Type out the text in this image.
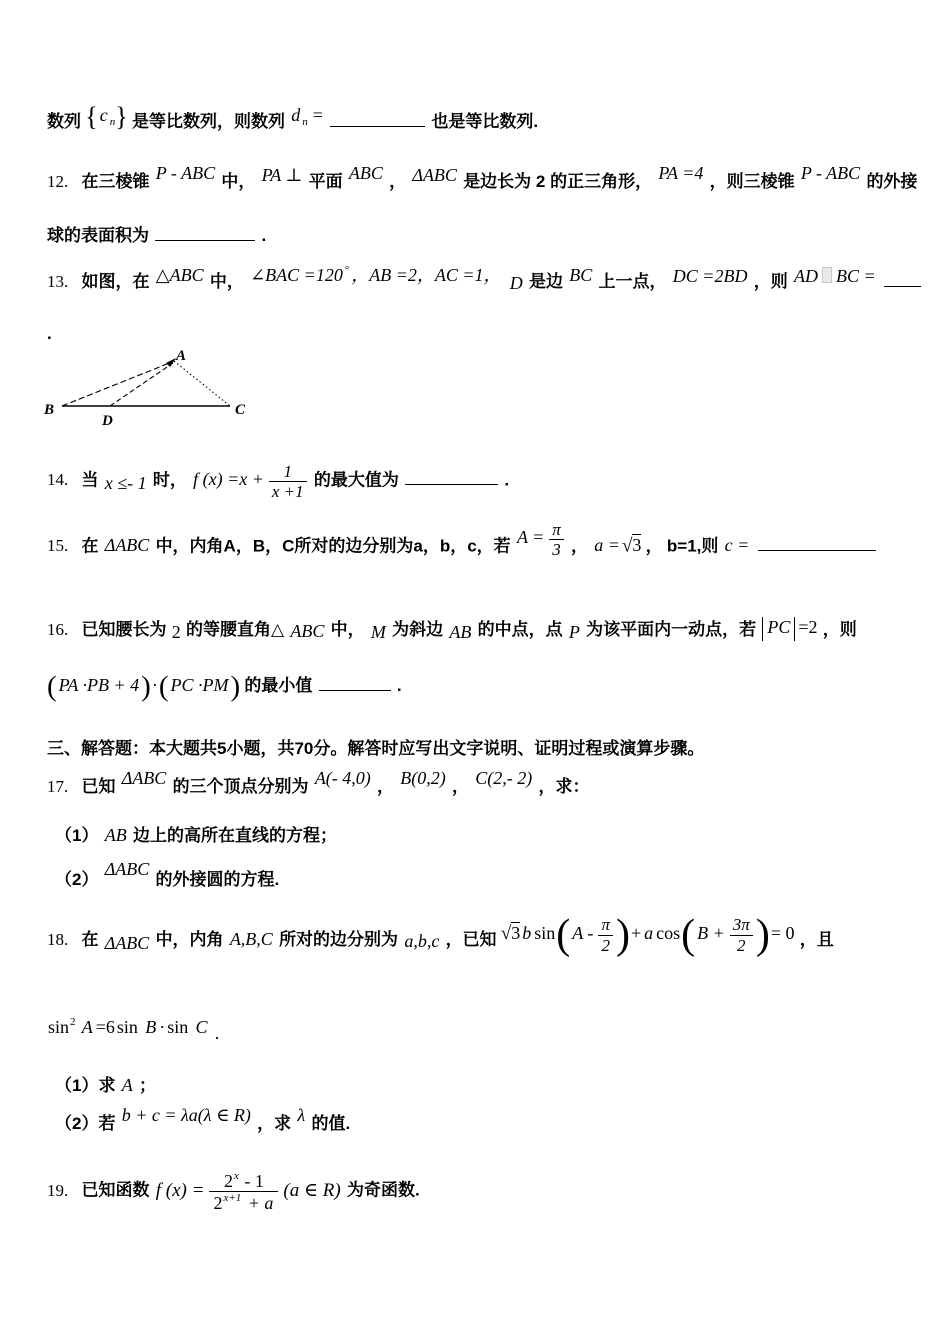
数列 { c $_n$} 是等比数列，则数列 d $_n$ =	也是等比数列.
12. 在三棱锥 P - ABC 中， PA ⊥ 平面 ABC ， ΔABC 是边长为 2 的正三角形， PA =4 ，则三棱锥 P - ABC 的外接
球的表面积为	.
13. 如图，在 △ABC 中， ∠BAC =120 ° ，AB =2，AC =1， D 是边 BC 上一点， DC =2BD ，则 AD BC =
.
A
B
D
C
14. 当 x ≤- 1 时， f $(x) =x + \frac{1}{x +1}$ 的最大值为	.
15. 在 ΔABC 中，内角A，B，C所对的边分别为a，b，c，若 $A = \frac{\pi}{3}$ ， a = √3 ， b=1,则 c =
16. 已知腰长为 2 的等腰直角△ ABC 中， M 为斜边 AB 的中点，点 P 为该平面内一动点，若 PC =2 ，则
( PA ·PB + 4)·( PC ·PM) 的最小值	.
三、解答题：本大题共5小题，共70分。解答时应写出文字说明、证明过程或演算步骤。
17. 已知 ΔABC 的三个顶点分别为 A(- 4,0) ， B(0,2) ， C(2,- 2) ，求：
（1） AB 边上的高所在直线的方程；
（2） ΔABC 的外接圆的方程.
18. 在 ΔABC 中，内角 A,B,C 所对的边分别为 a,b,c ，已知 √3 b sin( A - $\frac{\pi}{2}$ )+ a cos( $B + \frac{3\pi}{2}$ )= 0 ，且
$\sin^2 A =6$ sin B · sin C .
（1）求 A ；
（2）若 b + c = λa(λ ∈ R) ，求 λ 的值.
19. 已知函数 f $(x) = \frac{2^x - 1}{2^{x+1} + a} (a$ ∈ R) 为奇函数.
